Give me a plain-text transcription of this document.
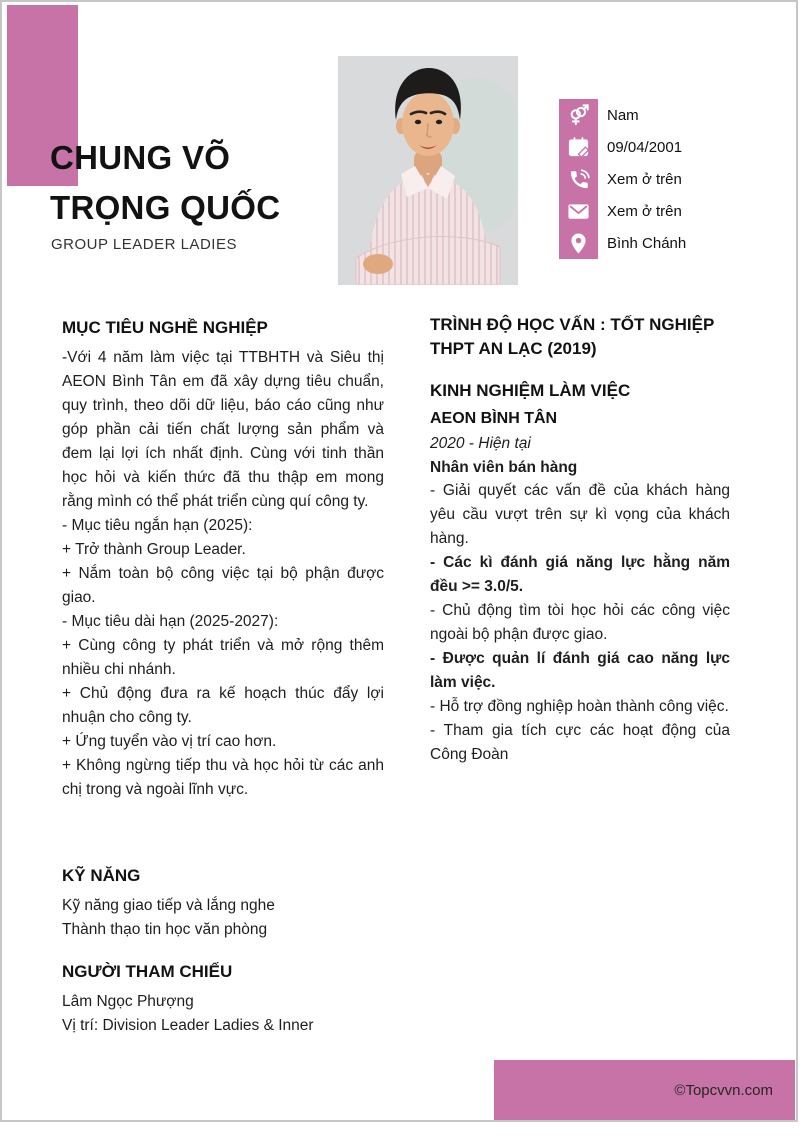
CHUNG VÕ
TRỌNG QUỐC
GROUP LEADER LADIES
Nam
09/04/2001
Xem ở trên
Xem ở trên
Bình Chánh
MỤC TIÊU NGHỀ NGHIỆP
-Với 4 năm làm việc tại TTBHTH và Siêu thị AEON Bình Tân em đã xây dựng tiêu chuẩn, quy trình, theo dõi dữ liệu, báo cáo cũng như góp phần cải tiến chất lượng sản phẩm và đem lại lợi ích nhất định. Cùng với tinh thần học hỏi và kiến thức đã thu thập em mong rằng mình có thể phát triển cùng quí công ty.
- Mục tiêu ngắn hạn (2025):
+ Trở thành Group Leader.
+ Nắm toàn bộ công việc tại bộ phận được giao.
- Mục tiêu dài hạn (2025-2027):
+ Cùng công ty phát triển và mở rộng thêm nhiều chi nhánh.
+ Chủ động đưa ra kế hoạch thúc đẩy lợi nhuận cho công ty.
+ Ứng tuyển vào vị trí cao hơn.
+ Không ngừng tiếp thu và học hỏi từ các anh chị trong và ngoài lĩnh vực.
KỸ NĂNG
Kỹ năng giao tiếp và lắng nghe
Thành thạo tin học văn phòng
NGƯỜI THAM CHIẾU
Lâm Ngọc Phượng
Vị trí: Division Leader Ladies & Inner
TRÌNH ĐỘ HỌC VẤN : TỐT NGHIỆP THPT AN LẠC (2019)
KINH NGHIỆM LÀM VIỆC
AEON BÌNH TÂN
2020 - Hiện tại
Nhân viên bán hàng
- Giải quyết các vấn đề của khách hàng yêu cầu vượt trên sự kì vọng của khách hàng.
- Các kì đánh giá năng lực hằng năm đều >= 3.0/5.
- Chủ động tìm tòi học hỏi các công việc ngoài bộ phận được giao.
- Được quản lí đánh giá cao năng lực làm việc.
- Hỗ trợ đồng nghiệp hoàn thành công việc.
- Tham gia tích cực các hoạt động của Công Đoàn
©Topcvvn.com
